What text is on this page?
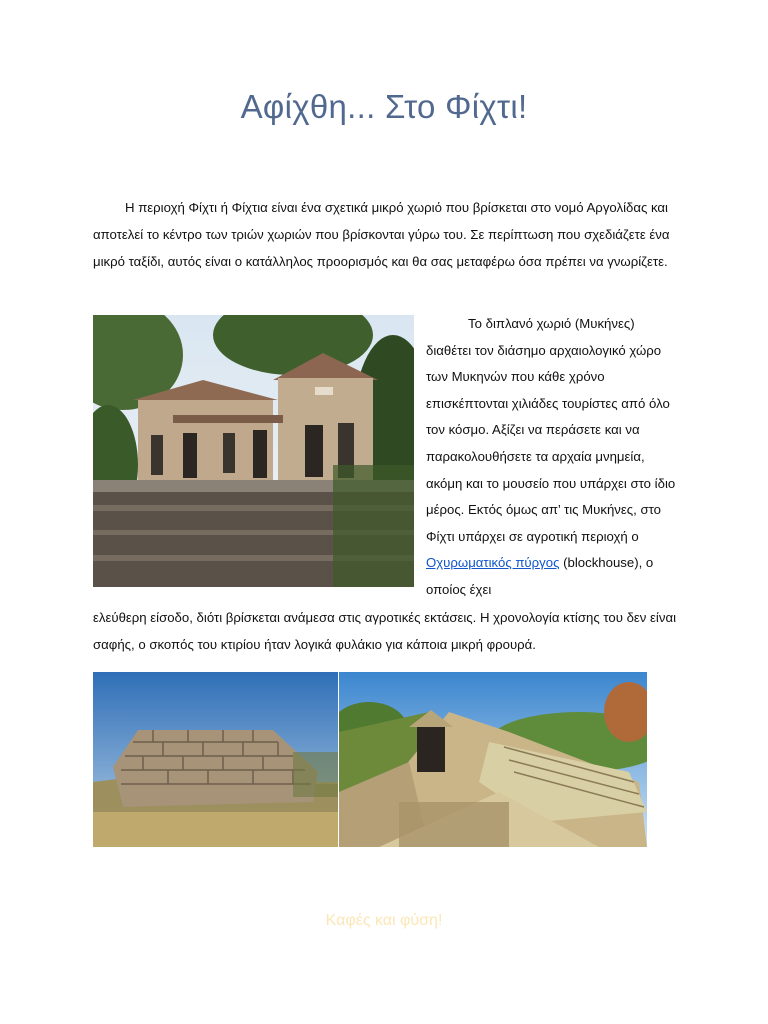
Αφίχθη... Στο Φίχτι!
Η περιοχή Φίχτι ή Φίχτια είναι ένα σχετικά μικρό χωριό που βρίσκεται στο νομό Αργολίδας και αποτελεί το κέντρο των τριών χωριών που βρίσκονται γύρω του. Σε περίπτωση που σχεδιάζετε ένα μικρό ταξίδι, αυτός είναι ο κατάλληλος προορισμός και θα σας μεταφέρω όσα πρέπει να γνωρίζετε.
Το διπλανό χωριό (Μυκήνες) διαθέτει τον διάσημο αρχαιολογικό χώρο των Μυκηνών που κάθε χρόνο επισκέπτονται χιλιάδες τουρίστες από όλο τον κόσμο. Αξίζει να περάσετε και να παρακολουθήσετε τα αρχαία μνημεία, ακόμη και το μουσείο που υπάρχει στο ίδιο μέρος. Εκτός όμως απ’ τις Μυκήνες, στο Φίχτι υπάρχει σε αγροτική περιοχή ο Οχυρωματικός πύργος (blockhouse), ο οποίος έχει
ελεύθερη είσοδο, διότι βρίσκεται ανάμεσα στις αγροτικές εκτάσεις. Η χρονολογία κτίσης του δεν είναι σαφής, ο σκοπός του κτιρίου ήταν λογικά φυλάκιο για κάποια μικρή φρουρά.
Καφές και φύση!
